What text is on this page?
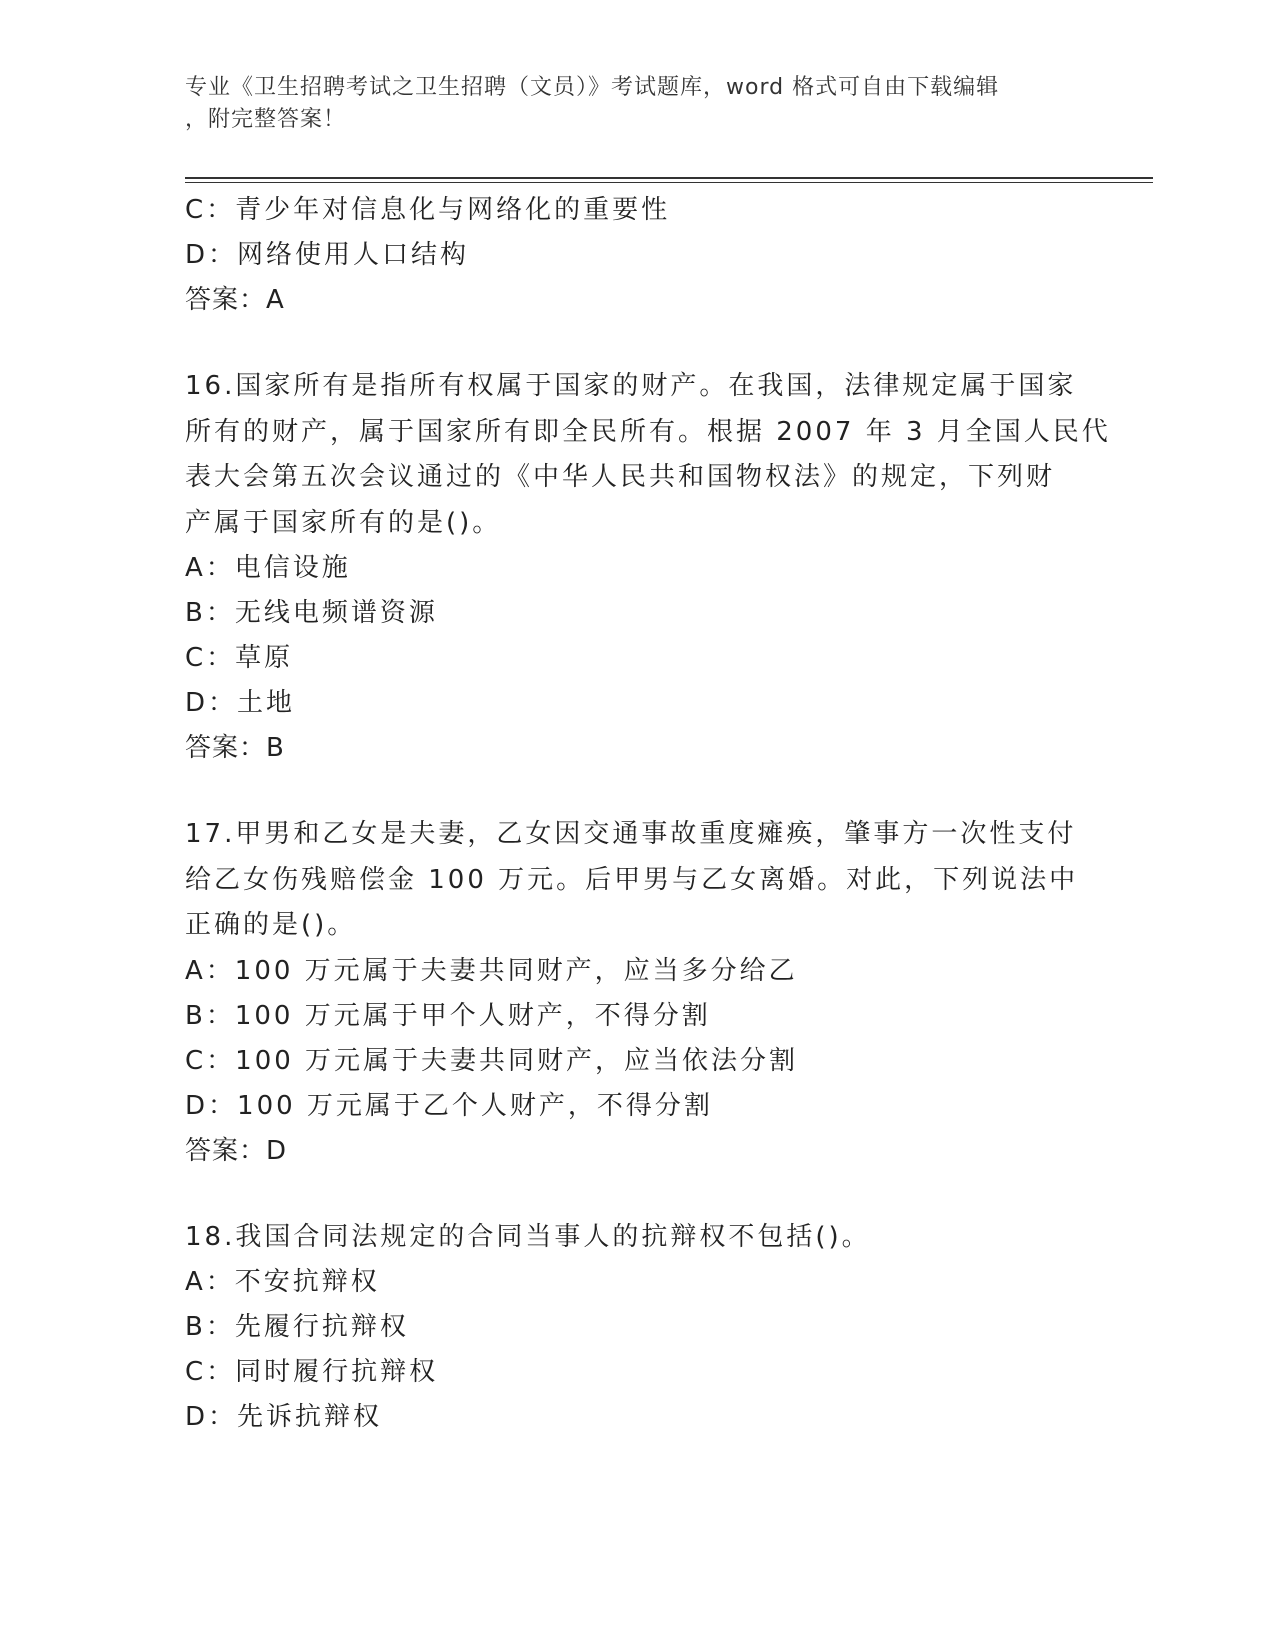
专业《卫生招聘考试之卫生招聘（文员）》考试题库，word 格式可自由下载编辑
，附完整答案！
C：青少年对信息化与网络化的重要性
D：网络使用人口结构
答案：A
16.国家所有是指所有权属于国家的财产。在我国，法律规定属于国家
所有的财产，属于国家所有即全民所有。根据 2007 年 3 月全国人民代
表大会第五次会议通过的《中华人民共和国物权法》的规定，下列财
产属于国家所有的是()。
A：电信设施
B：无线电频谱资源
C：草原
D：土地
答案：B
17.甲男和乙女是夫妻，乙女因交通事故重度瘫痪，肇事方一次性支付
给乙女伤残赔偿金 100 万元。后甲男与乙女离婚。对此，下列说法中
正确的是()。
A：100 万元属于夫妻共同财产，应当多分给乙
B：100 万元属于甲个人财产，不得分割
C：100 万元属于夫妻共同财产，应当依法分割
D：100 万元属于乙个人财产，不得分割
答案：D
18.我国合同法规定的合同当事人的抗辩权不包括()。
A：不安抗辩权
B：先履行抗辩权
C：同时履行抗辩权
D：先诉抗辩权
